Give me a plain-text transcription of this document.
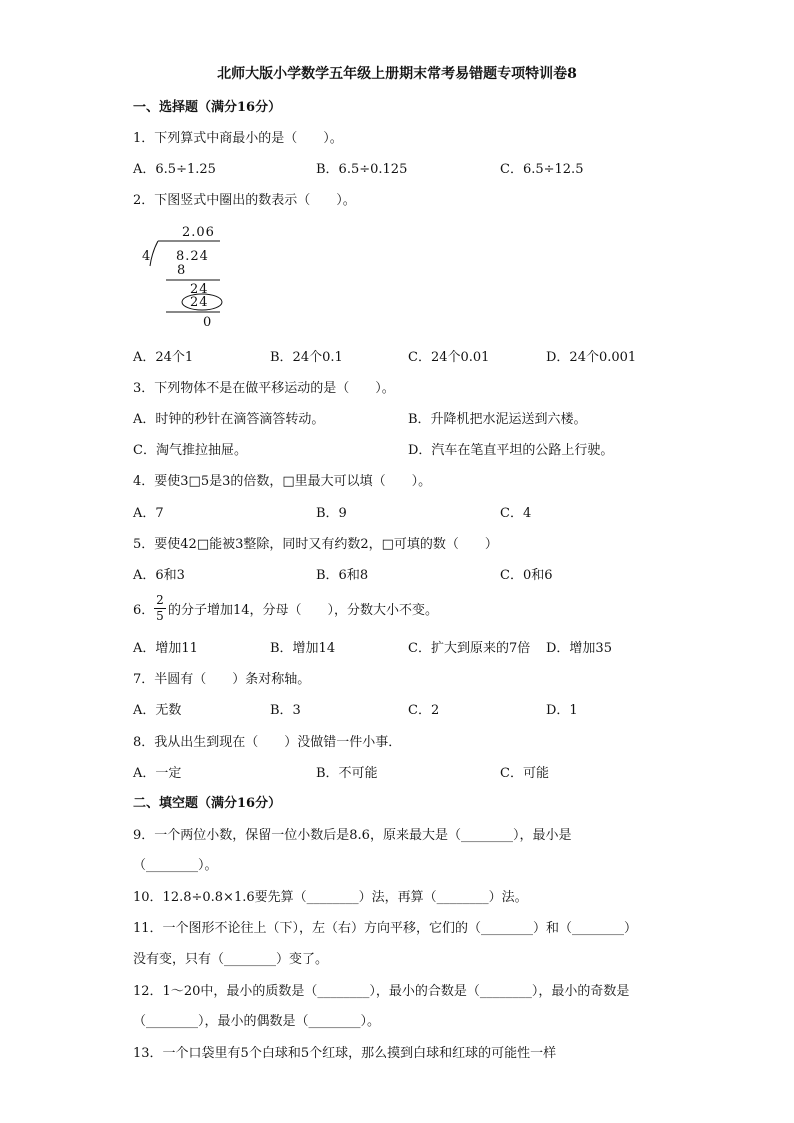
北师大版小学数学五年级上册期末常考易错题专项特训卷8
一、选择题（满分16分）
1．下列算式中商最小的是（　　）。
A．6.5÷1.25	B．6.5÷0.125	C．6.5÷12.5
2．下图竖式中圈出的数表示（　　）。
4
2.06
8.24
8
24
24
0
A．24个1	B．24个0.1	C．24个0.01	D．24个0.001
3．下列物体不是在做平移运动的是（　　）。
A．时钟的秒针在滴答滴答转动。	B．升降机把水泥运送到六楼。
C．淘气推拉抽屉。	D．汽车在笔直平坦的公路上行驶。
4．要使3□5是3的倍数，□里最大可以填（　　）。
A．7	B．9	C．4
5．要使42□能被3整除，同时又有约数2，□可填的数（　　）
A．6和3	B．6和8	C．0和6
6．
2
5 的分子增加14，分母（　　），分数大小不变。
A．增加11	B．增加14	C．扩大到原来的7倍 D．增加35
7．半圆有（　　）条对称轴。
A．无数	B．3	C．2	D．1
8．我从出生到现在（　　）没做错一件小事．
A．一定	B．不可能	C．可能
二、填空题（满分16分）
9．一个两位小数，保留一位小数后是8.6，原来最大是（________），最小是
（________）。
10．12.8÷0.8×1.6要先算（________）法，再算（________）法。
11．一个图形不论往上（下），左（右）方向平移，它们的（________）和（________）
没有变，只有（________）变了。
12．1～20中，最小的质数是（________），最小的合数是（________），最小的奇数是
（________），最小的偶数是（________）。
13．一个口袋里有5个白球和5个红球，那么摸到白球和红球的可能性一样
